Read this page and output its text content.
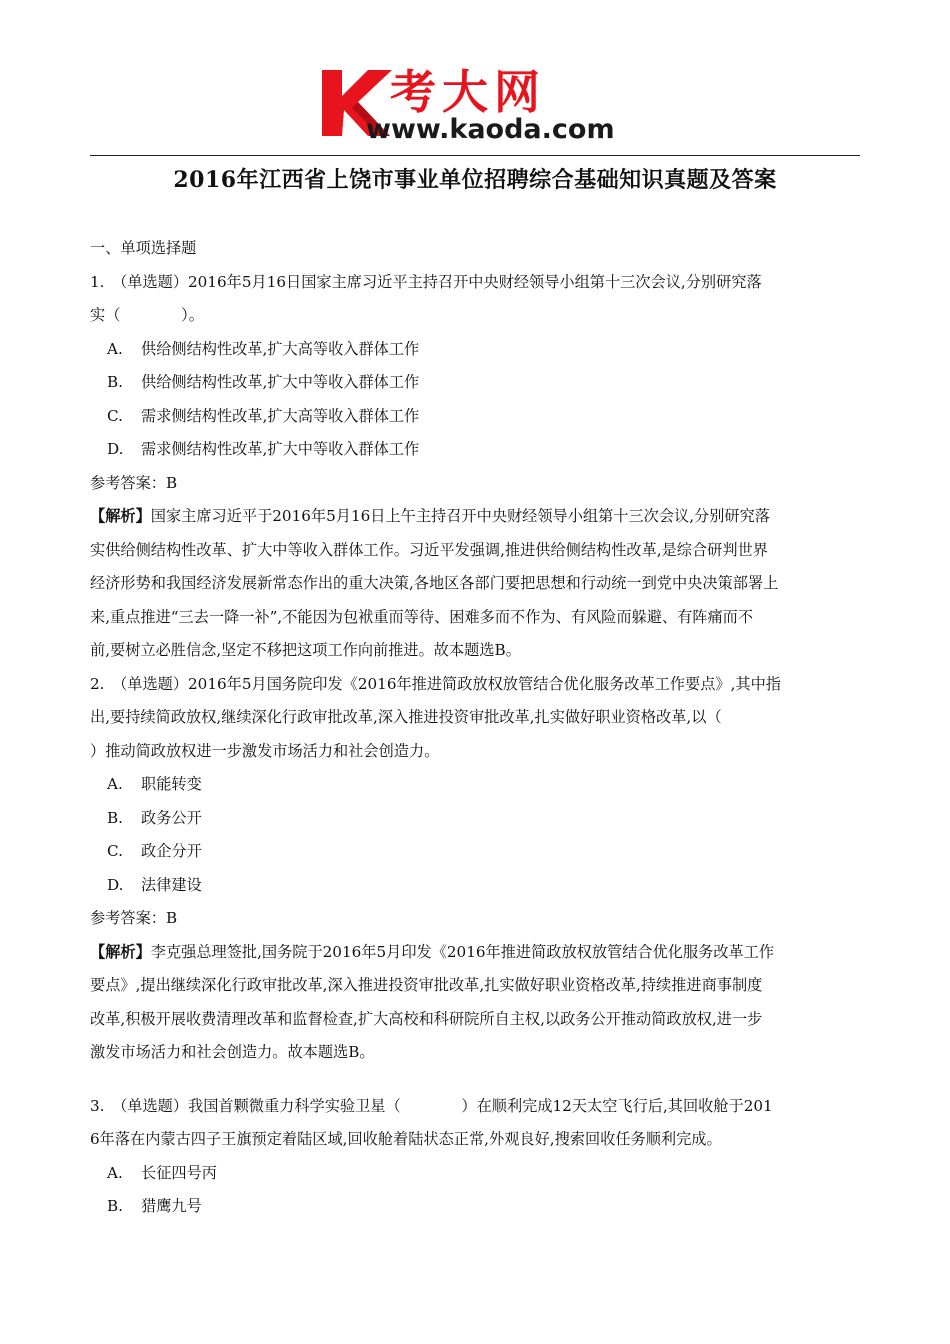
考大网
www.kaoda.com
2016年江西省上饶市事业单位招聘综合基础知识真题及答案
一、单项选择题
1.　（单选题）2016年5月16日国家主席习近平主持召开中央财经领导小组第十三次会议,分别研究落
实（　　　　）。
A. 供给侧结构性改革,扩大高等收入群体工作
B. 供给侧结构性改革,扩大中等收入群体工作
C. 需求侧结构性改革,扩大高等收入群体工作
D. 需求侧结构性改革,扩大中等收入群体工作
参考答案：B
【解析】国家主席习近平于2016年5月16日上午主持召开中央财经领导小组第十三次会议,分别研究落
实供给侧结构性改革、扩大中等收入群体工作。习近平发强调,推进供给侧结构性改革,是综合研判世界
经济形势和我国经济发展新常态作出的重大决策,各地区各部门要把思想和行动统一到党中央决策部署上
来,重点推进“三去一降一补”,不能因为包袱重而等待、困难多而不作为、有风险而躲避、有阵痛而不
前,要树立必胜信念,坚定不移把这项工作向前推进。故本题选B。
2.　（单选题）2016年5月国务院印发《2016年推进简政放权放管结合优化服务改革工作要点》,其中指
出,要持续简政放权,继续深化行政审批改革,深入推进投资审批改革,扎实做好职业资格改革,以（
）推动简政放权进一步激发市场活力和社会创造力。
A. 职能转变
B. 政务公开
C. 政企分开
D. 法律建设
参考答案：B
【解析】李克强总理签批,国务院于2016年5月印发《2016年推进简政放权放管结合优化服务改革工作
要点》,提出继续深化行政审批改革,深入推进投资审批改革,扎实做好职业资格改革,持续推进商事制度
改革,积极开展收费清理改革和监督检查,扩大高校和科研院所自主权,以政务公开推动简政放权,进一步
激发市场活力和社会创造力。故本题选B。
3.　（单选题）我国首颗微重力科学实验卫星（　　　　）在顺利完成12天太空飞行后,其回收舱于201
6年落在内蒙古四子王旗预定着陆区域,回收舱着陆状态正常,外观良好,搜索回收任务顺利完成。
A. 长征四号丙
B. 猎鹰九号
